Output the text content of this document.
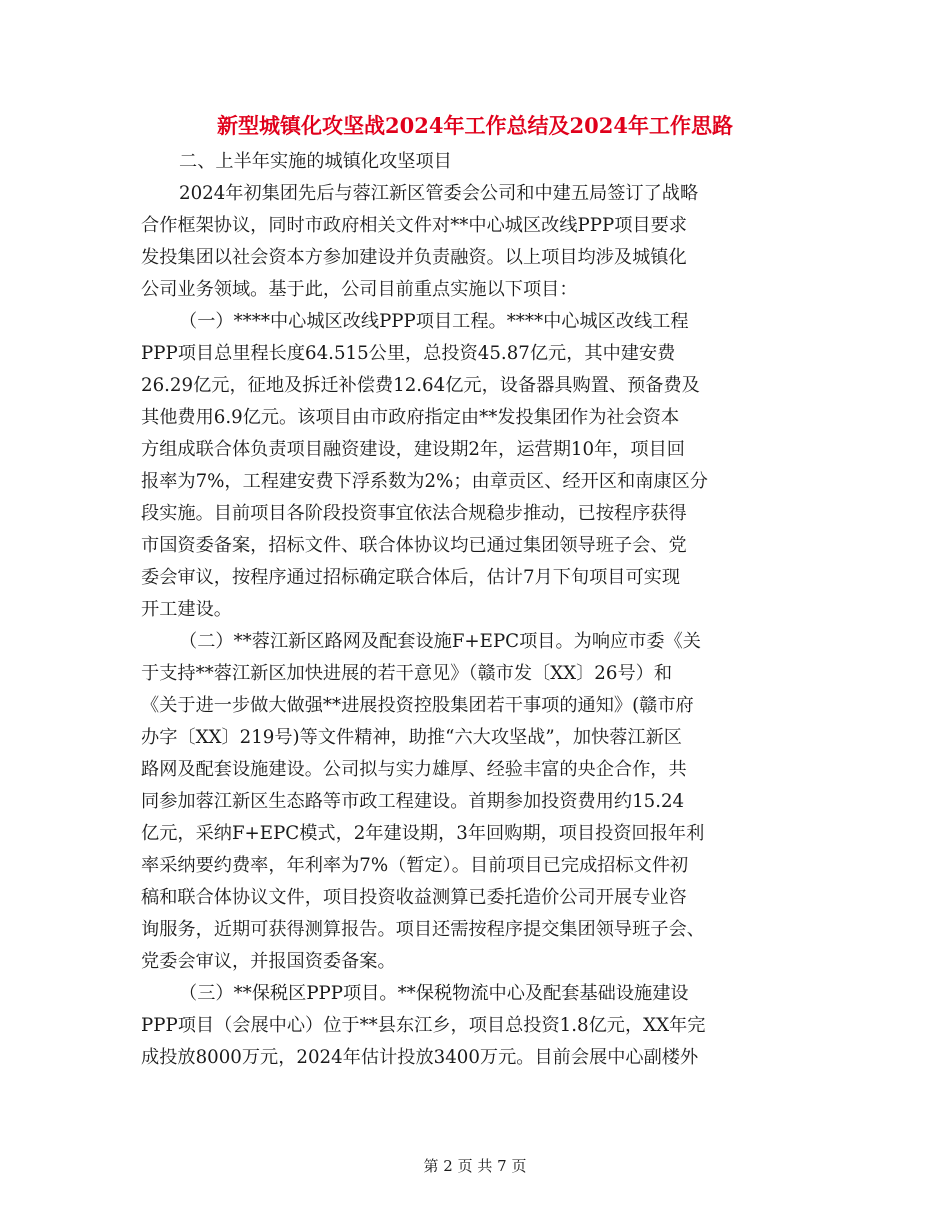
新型城镇化攻坚战2024年工作总结及2024年工作思路
二、上半年实施的城镇化攻坚项目
2024年初集团先后与蓉江新区管委会公司和中建五局签订了战略
合作框架协议，同时市政府相关文件对**中心城区改线PPP项目要求
发投集团以社会资本方参加建设并负责融资。以上项目均涉及城镇化
公司业务领域。基于此，公司目前重点实施以下项目：
（一）****中心城区改线PPP项目工程。****中心城区改线工程
PPP项目总里程长度64.515公里，总投资45.87亿元，其中建安费
26.29亿元，征地及拆迁补偿费12.64亿元，设备器具购置、预备费及
其他费用6.9亿元。该项目由市政府指定由**发投集团作为社会资本
方组成联合体负责项目融资建设，建设期2年，运营期10年，项目回
报率为7%，工程建安费下浮系数为2%；由章贡区、经开区和南康区分
段实施。目前项目各阶段投资事宜依法合规稳步推动，已按程序获得
市国资委备案，招标文件、联合体协议均已通过集团领导班子会、党
委会审议，按程序通过招标确定联合体后，估计7月下旬项目可实现
开工建设。
（二）**蓉江新区路网及配套设施F+EPC项目。为响应市委《关
于支持**蓉江新区加快进展的若干意见》（赣市发〔XX〕26号）和
《关于进一步做大做强**进展投资控股集团若干事项的通知》(赣市府
办字〔XX〕219号)等文件精神，助推“六大攻坚战”，加快蓉江新区
路网及配套设施建设。公司拟与实力雄厚、经验丰富的央企合作，共
同参加蓉江新区生态路等市政工程建设。首期参加投资费用约15.24
亿元，采纳F+EPC模式，2年建设期，3年回购期，项目投资回报年利
率采纳要约费率，年利率为7%（暂定）。目前项目已完成招标文件初
稿和联合体协议文件，项目投资收益测算已委托造价公司开展专业咨
询服务，近期可获得测算报告。项目还需按程序提交集团领导班子会、
党委会审议，并报国资委备案。
（三）**保税区PPP项目。**保税物流中心及配套基础设施建设
PPP项目（会展中心）位于**县东江乡，项目总投资1.8亿元，XX年完
成投放8000万元，2024年估计投放3400万元。目前会展中心副楼外
第 2 页 共 7 页
